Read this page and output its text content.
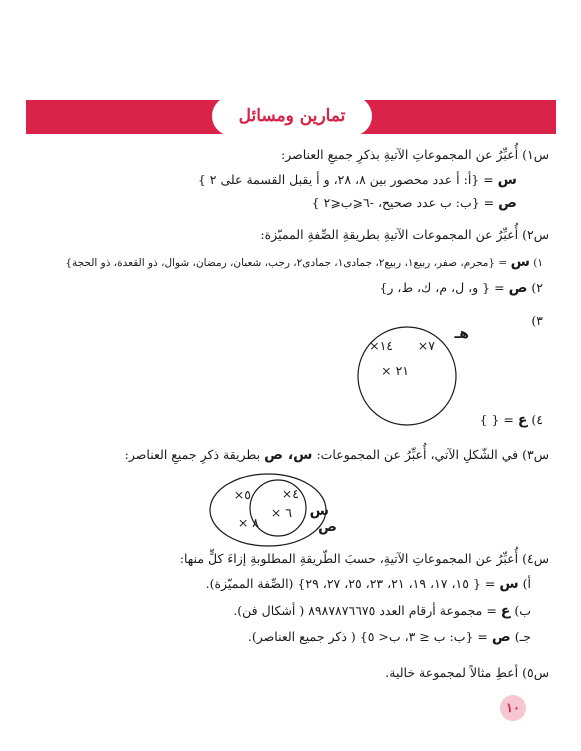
تمارين ومسائل
س١) أُعبِّرُ عن المجموعاتِ الآتيةِ بذكرِ جميعِ العناصر:
س = {أ: أ عدد محصور بين ٨، ٢٨، و أ يقبل القسمة على ٢ }
ص = {ب: ب عدد صحيح، -٦⩽ب⩽٢ }
س٢) أُعبِّرُ عن المجموعات الآتيةِ بطريقةِ الصِّفةِ المميّزة:
١) س = {محرم، صفر، ربيع١، ربيع٢، جمادى١، جمادى٢، رجب، شعبان، رمضان، شوال، ذو القعدة، ذو الحجة}
٢) ص = { و، ل، م، ك، ط، ر}
٣)
هـ
٧×
١٤×
٢١ ×
٤) ع = { }
س٣) في الشّكلِ الآتي، أُعبِّرُ عن المجموعات: س، ص بطريقة ذكرِ جميعِ العناصر:
س
ص
٤×
٥×
٦ ×
٨ ×
س٤) أُعبِّرُ عن المجموعاتِ الآتيةِ، حسبَ الطّريقةِ المطلوبةِ إزاءَ كلٍّ منها:
أ) س = { ١٥، ١٧، ١٩، ٢١، ٢٣، ٢٥، ٢٧، ٢٩} (الصِّفة المميّزة).
ب) ع = مجموعة أرقام العدد ٨٩٨٧٨٧٦٦٧٥ ( أشكال فن).
جـ) ص = {ب: ب ≤ ٣، ب< ٥} ( ذكر جميع العناصر).
س٥) أعطِ مثالاً لمجموعة خالية.
١٠
